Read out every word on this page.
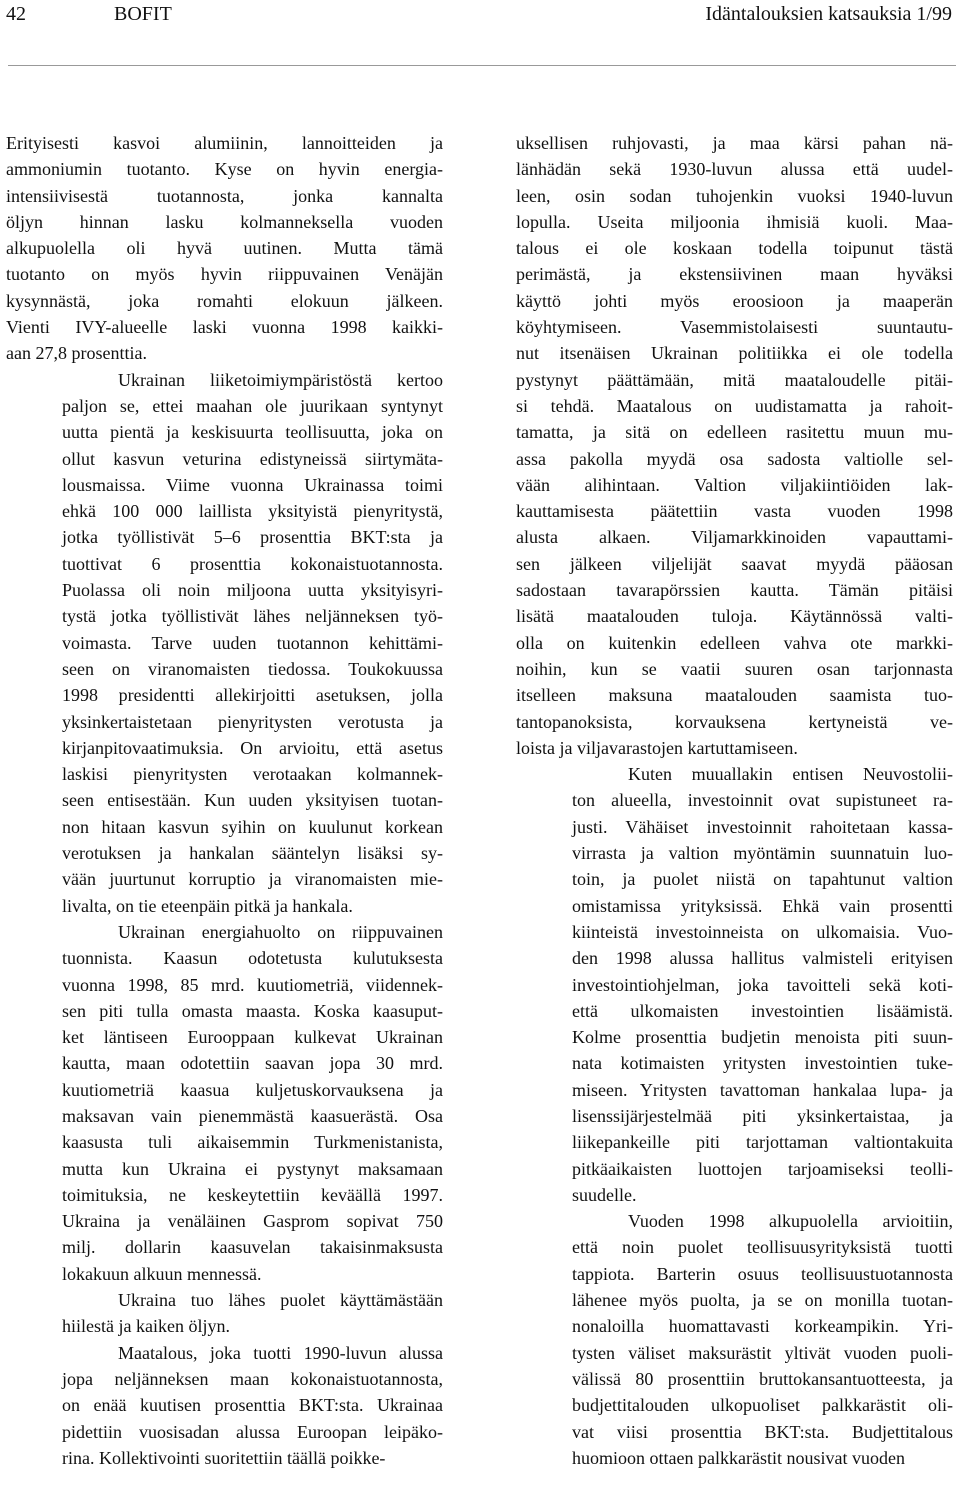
42	BOFIT	Idäntalouksien katsauksia 1/99

Erityisesti kasvoi alumiinin, lannoitteiden ja
ammoniumin tuotanto. Kyse on hyvin energia-
intensiivisestä tuotannosta, jonka kannalta
öljyn hinnan lasku kolmanneksella vuoden
alkupuolella oli hyvä uutinen. Mutta tämä
tuotanto on myös hyvin riippuvainen Venäjän
kysynnästä, joka romahti elokuun jälkeen.
Vienti IVY-alueelle laski vuonna 1998 kaikki-
aan 27,8 prosenttia.

Ukrainan liiketoimiympäristöstä kertoo
paljon se, ettei maahan ole juurikaan syntynyt
uutta pientä ja keskisuurta teollisuutta, joka on
ollut kasvun veturina edistyneissä siirtymäta-
lousmaissa. Viime vuonna Ukrainassa toimi
ehkä 100 000 laillista yksityistä pienyritystä,
jotka työllistivät 5–6 prosenttia BKT:sta ja
tuottivat 6 prosenttia kokonaistuotannosta.
Puolassa oli noin miljoona uutta yksityisyri-
tystä jotka työllistivät lähes neljänneksen työ-
voimasta. Tarve uuden tuotannon kehittämi-
seen on viranomaisten tiedossa. Toukokuussa
1998 presidentti allekirjoitti asetuksen, jolla
yksinkertaistetaan pienyritysten verotusta ja
kirjanpitovaatimuksia. On arvioitu, että asetus
laskisi pienyritysten verotaakan kolmannek-
seen entisestään. Kun uuden yksityisen tuotan-
non hitaan kasvun syihin on kuulunut korkean
verotuksen ja hankalan sääntelyn lisäksi sy-
vään juurtunut korruptio ja viranomaisten mie-
livalta, on tie eteenpäin pitkä ja hankala.

Ukrainan energiahuolto on riippuvainen
tuonnista. Kaasun odotetusta kulutuksesta
vuonna 1998, 85 mrd. kuutiometriä, viidennek-
sen piti tulla omasta maasta. Koska kaasuput-
ket läntiseen Eurooppaan kulkevat Ukrainan
kautta, maan odotettiin saavan jopa 30 mrd.
kuutiometriä kaasua kuljetuskorvauksena ja
maksavan vain pienemmästä kaasuerästä. Osa
kaasusta tuli aikaisemmin Turkmenistanista,
mutta kun Ukraina ei pystynyt maksamaan
toimituksia, ne keskeytettiin keväällä 1997.
Ukraina ja venäläinen Gasprom sopivat 750
milj. dollarin kaasuvelan takaisinmaksusta
lokakuun alkuun mennessä.

Ukraina tuo lähes puolet käyttämästään
hiilestä ja kaiken öljyn.

Maatalous, joka tuotti 1990-luvun alussa
jopa neljänneksen maan kokonaistuotannosta,
on enää kuutisen prosenttia BKT:sta. Ukrainaa
pidettiin vuosisadan alussa Euroopan leipäko-
rina. Kollektivointi suoritettiin täällä poikke-

uksellisen ruhjovasti, ja maa kärsi pahan nä-
länhädän sekä 1930-luvun alussa että uudel-
leen, osin sodan tuhojenkin vuoksi 1940-luvun
lopulla. Useita miljoonia ihmisiä kuoli. Maa-
talous ei ole koskaan todella toipunut tästä
perimästä, ja ekstensiivinen maan hyväksi
käyttö johti myös eroosioon ja maaperän
köyhtymiseen. Vasemmistolaisesti suuntautu-
nut itsenäisen Ukrainan politiikka ei ole todella
pystynyt päättämään, mitä maataloudelle pitäi-
si tehdä. Maatalous on uudistamatta ja rahoit-
tamatta, ja sitä on edelleen rasitettu muun mu-
assa pakolla myydä osa sadosta valtiolle sel-
vään alihintaan. Valtion viljakiintiöiden lak-
kauttamisesta päätettiin vasta vuoden 1998
alusta alkaen. Viljamarkkinoiden vapauttami-
sen jälkeen viljelijät saavat myydä pääosan
sadostaan tavarapörssien kautta. Tämän pitäisi
lisätä maatalouden tuloja. Käytännössä valti-
olla on kuitenkin edelleen vahva ote markki-
noihin, kun se vaatii suuren osan tarjonnasta
itselleen maksuna maatalouden saamista tuo-
tantopanoksista, korvauksena kertyneistä ve-
loista ja viljavarastojen kartuttamiseen.

Kuten muuallakin entisen Neuvostolii-
ton alueella, investoinnit ovat supistuneet ra-
justi. Vähäiset investoinnit rahoitetaan kassa-
virrasta ja valtion myöntämin suunnatuin luo-
toin, ja puolet niistä on tapahtunut valtion
omistamissa yrityksissä. Ehkä vain prosentti
kiinteistä investoinneista on ulkomaisia. Vuo-
den 1998 alussa hallitus valmisteli erityisen
investointiohjelman, joka tavoitteli sekä koti-
että ulkomaisten investointien lisäämistä.
Kolme prosenttia budjetin menoista piti suun-
nata kotimaisten yritysten investointien tuke-
miseen. Yritysten tavattoman hankalaa lupa- ja
lisenssijärjestelmää piti yksinkertaistaa, ja
liikepankeille piti tarjottaman valtiontakuita
pitkäaikaisten luottojen tarjoamiseksi teolli-
suudelle.

Vuoden 1998 alkupuolella arvioitiin,
että noin puolet teollisuusyrityksistä tuotti
tappiota. Barterin osuus teollisuustuotannosta
lähenee myös puolta, ja se on monilla tuotan-
nonaloilla huomattavasti korkeampikin. Yri-
tysten väliset maksurästit yltivät vuoden puoli-
välissä 80 prosenttiin bruttokansantuotteesta, ja
budjettitalouden ulkopuoliset palkkarästit oli-
vat viisi prosenttia BKT:sta. Budjettitalous
huomioon ottaen palkkarästit nousivat vuoden
